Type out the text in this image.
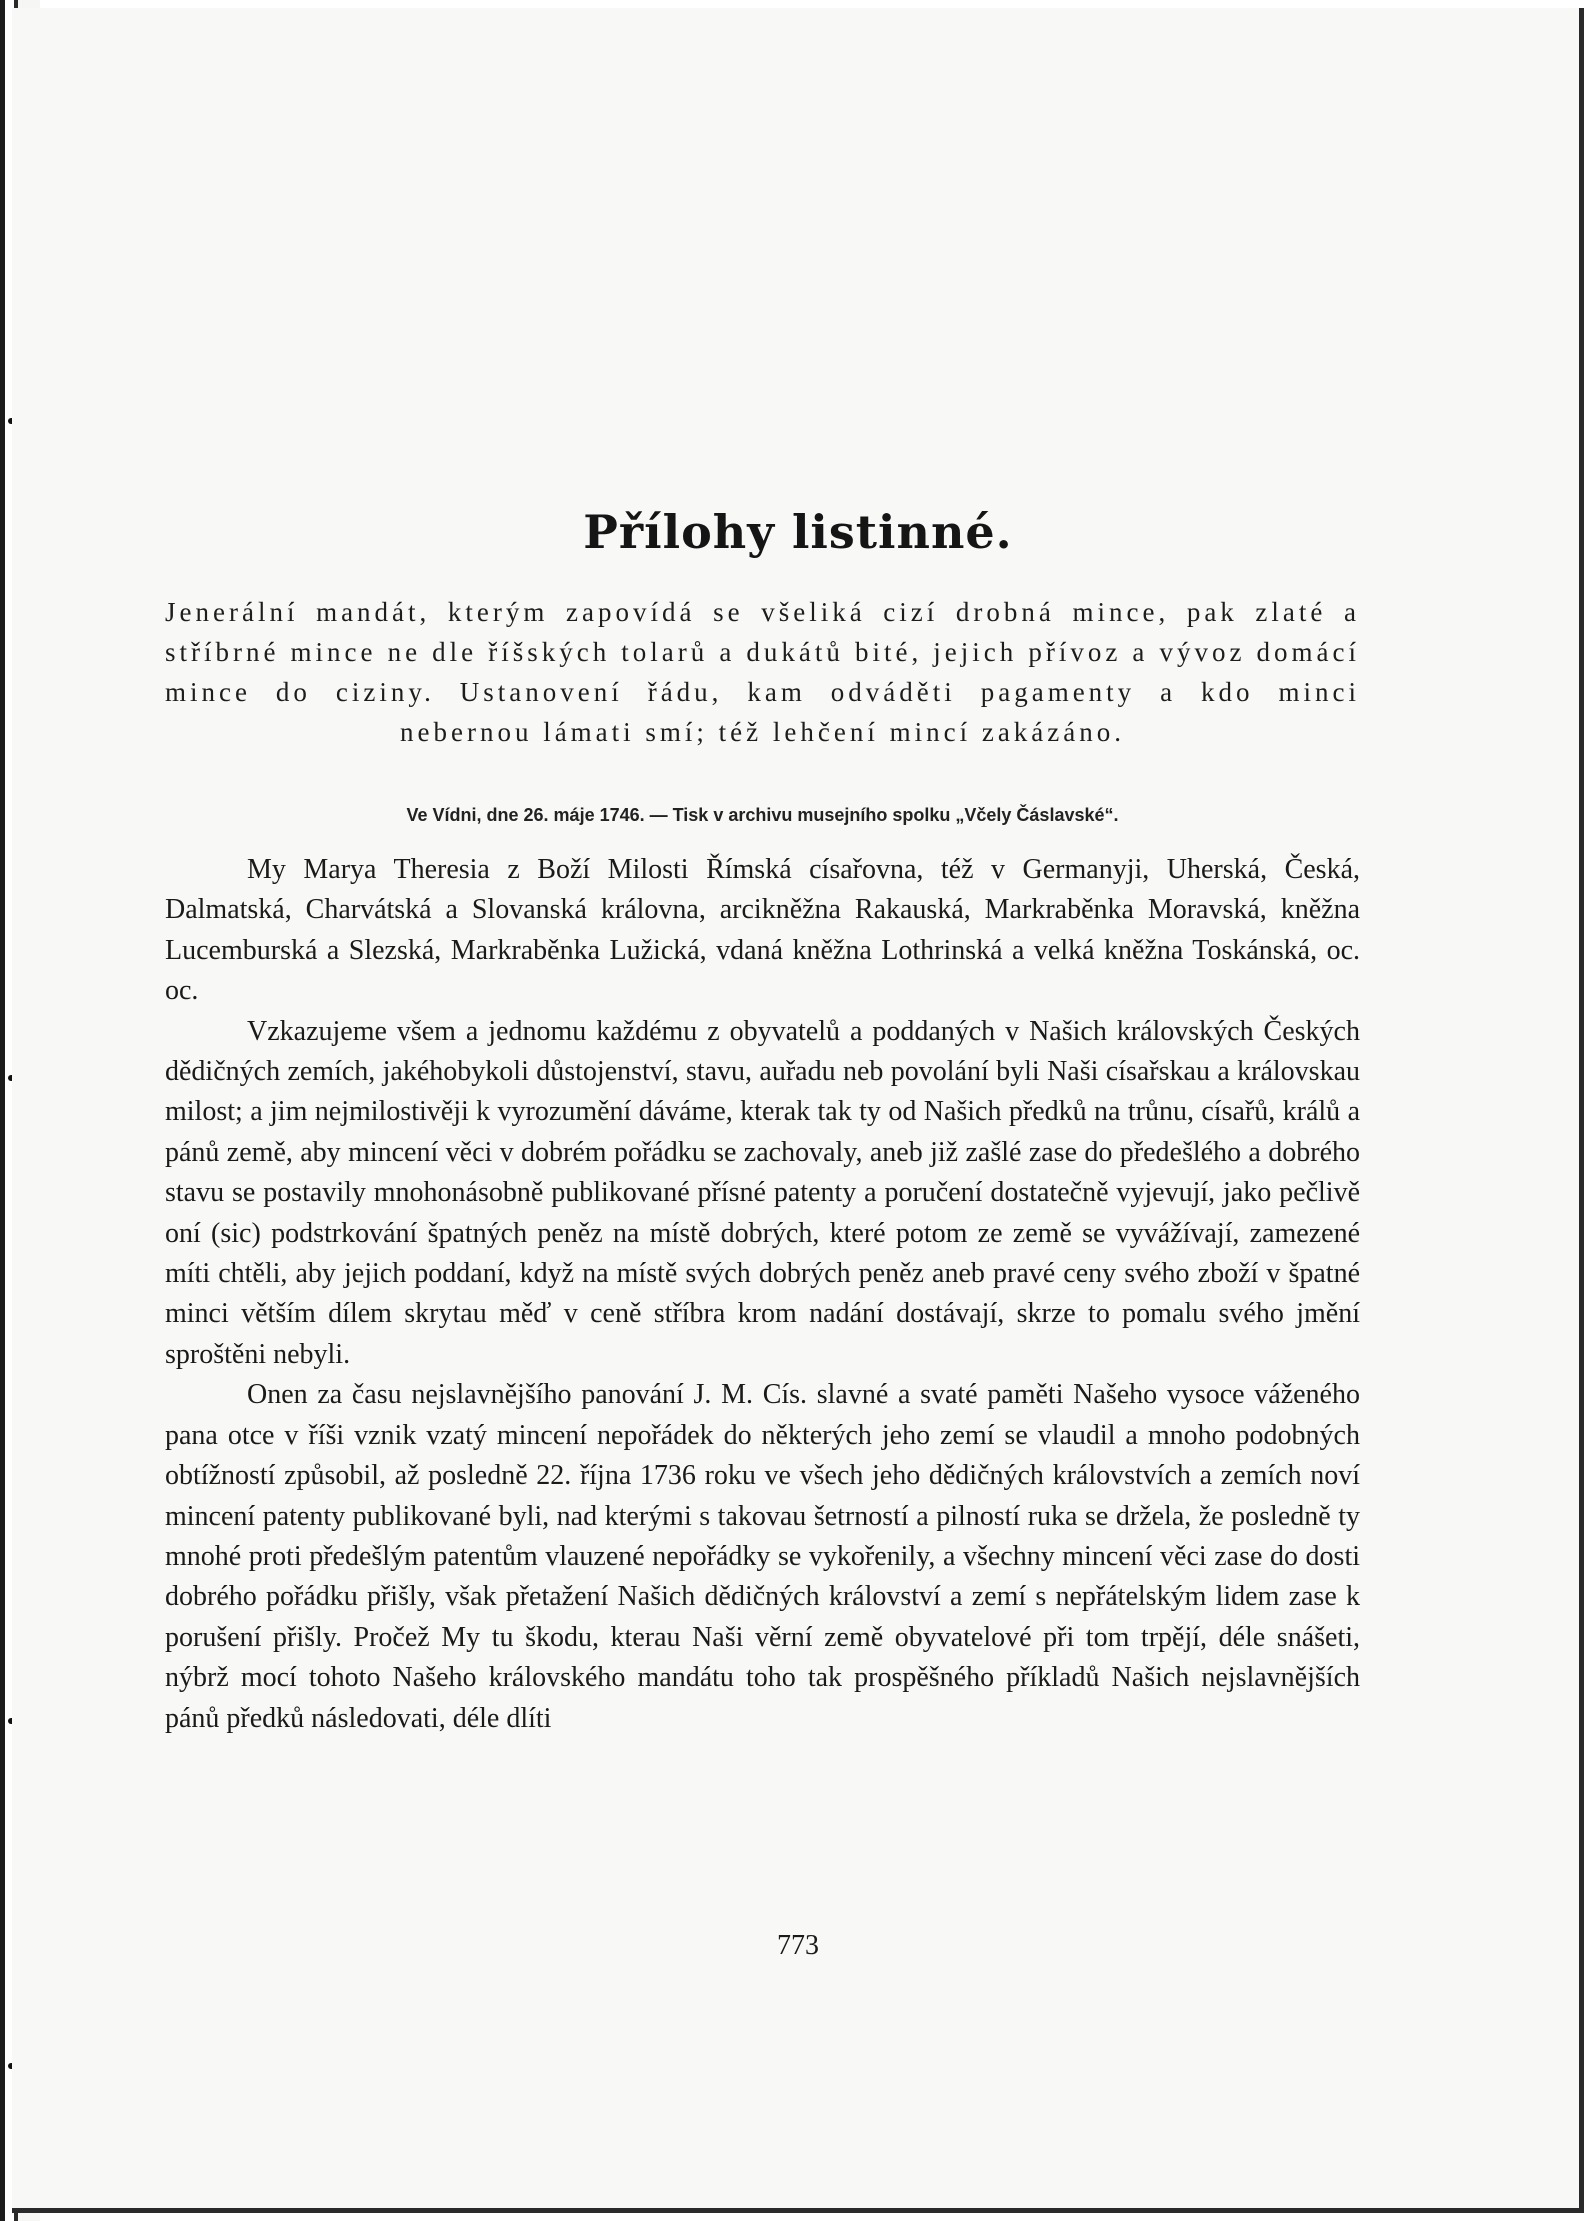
Přílohy listinné.
Jenerální mandát, kterým zapovídá se všeliká cizí drobná mince, pak zlaté a stříbrné mince ne dle říšských tolarů a dukátů bité, jejich přívoz a vývoz domácí mince do ciziny. Ustanovení řádu, kam odváděti pagamenty a kdo minci nebernou lámati smí; též lehčení mincí zakázáno.
Ve Vídni, dne 26. máje 1746. — Tisk v archivu musejního spolku „Včely Čáslavské“.

My Marya Theresia z Boží Milosti Římská císařovna, též v Germanyji, Uherská, Česká, Dalmatská, Charvátská a Slovanská královna, arcikněžna Rakauská, Markraběnka Moravská, kněžna Lucemburská a Slezská, Markraběnka Lužická, vdaná kněžna Lothrinská a velká kněžna Toskánská, oc. oc.

Vzkazujeme všem a jednomu každému z obyvatelů a poddaných v Našich královských Českých dědičných zemích, jakéhobykoli důstojenství, stavu, auřadu neb povolání byli Naši císařskau a královskau milost; a jim nejmilostivěji k vyrozumění dáváme, kterak tak ty od Našich předků na trůnu, císařů, králů a pánů země, aby mincení věci v dobrém pořádku se zachovaly, aneb již zašlé zase do předešlého a dobrého stavu se postavily mnohonásobně publikované přísné patenty a poručení dostatečně vyjevují, jako pečlivě oní (sic) podstrkování špatných peněz na místě dobrých, které potom ze země se vyvážívají, zamezené míti chtěli, aby jejich poddaní, když na místě svých dobrých peněz aneb pravé ceny svého zboží v špatné minci větším dílem skrytau měď v ceně stříbra krom nadání dostávají, skrze to pomalu svého jmění sproštěni nebyli.

Onen za času nejslavnějšího panování J. M. Cís. slavné a svaté paměti Našeho vysoce váženého pana otce v říši vznik vzatý mincení nepořádek do některých jeho zemí se vlaudil a mnoho podobných obtížností způsobil, až posledně 22. října 1736 roku ve všech jeho dědičných královstvích a zemích noví mincení patenty publikované byli, nad kterými s takovau šetrností a pilností ruka se držela, že posledně ty mnohé proti předešlým patentům vlauzené nepořádky se vykořenily, a všechny mincení věci zase do dosti dobrého pořádku přišly, však přetažení Našich dědičných království a zemí s nepřátelským lidem zase k porušení přišly. Pročež My tu škodu, kterau Naši věrní země obyvatelové při tom trpějí, déle snášeti, nýbrž mocí tohoto Našeho královského mandátu toho tak prospěšného příkladů Našich nejslavnějších pánů předků následovati, déle dlíti

773
